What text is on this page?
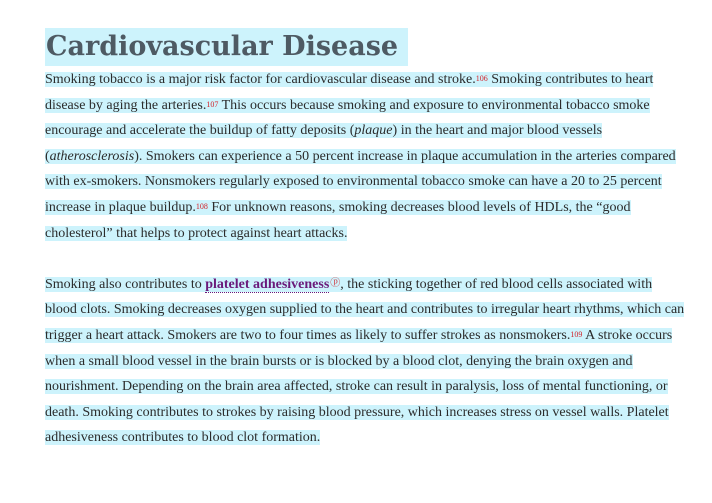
Cardiovascular Disease

Smoking tobacco is a major risk factor for cardiovascular disease and stroke.$^{106}$ Smoking contributes to heart disease by aging the arteries.$^{107}$ This occurs because smoking and exposure to environmental tobacco smoke encourage and accelerate the buildup of fatty deposits (plaque) in the heart and major blood vessels (atherosclerosis). Smokers can experience a 50 percent increase in plaque accumulation in the arteries compared with ex-smokers. Nonsmokers regularly exposed to environmental tobacco smoke can have a 20 to 25 percent increase in plaque buildup.$^{108}$ For unknown reasons, smoking decreases blood levels of HDLs, the “good cholesterol” that helps to protect against heart attacks.

Smoking also contributes to platelet adhesivenessⓟ, the sticking together of red blood cells associated with blood clots. Smoking decreases oxygen supplied to the heart and contributes to irregular heart rhythms, which can trigger a heart attack. Smokers are two to four times as likely to suffer strokes as nonsmokers.$^{109}$ A stroke occurs when a small blood vessel in the brain bursts or is blocked by a blood clot, denying the brain oxygen and nourishment. Depending on the brain area affected, stroke can result in paralysis, loss of mental functioning, or death. Smoking contributes to strokes by raising blood pressure, which increases stress on vessel walls. Platelet adhesiveness contributes to blood clot formation.
